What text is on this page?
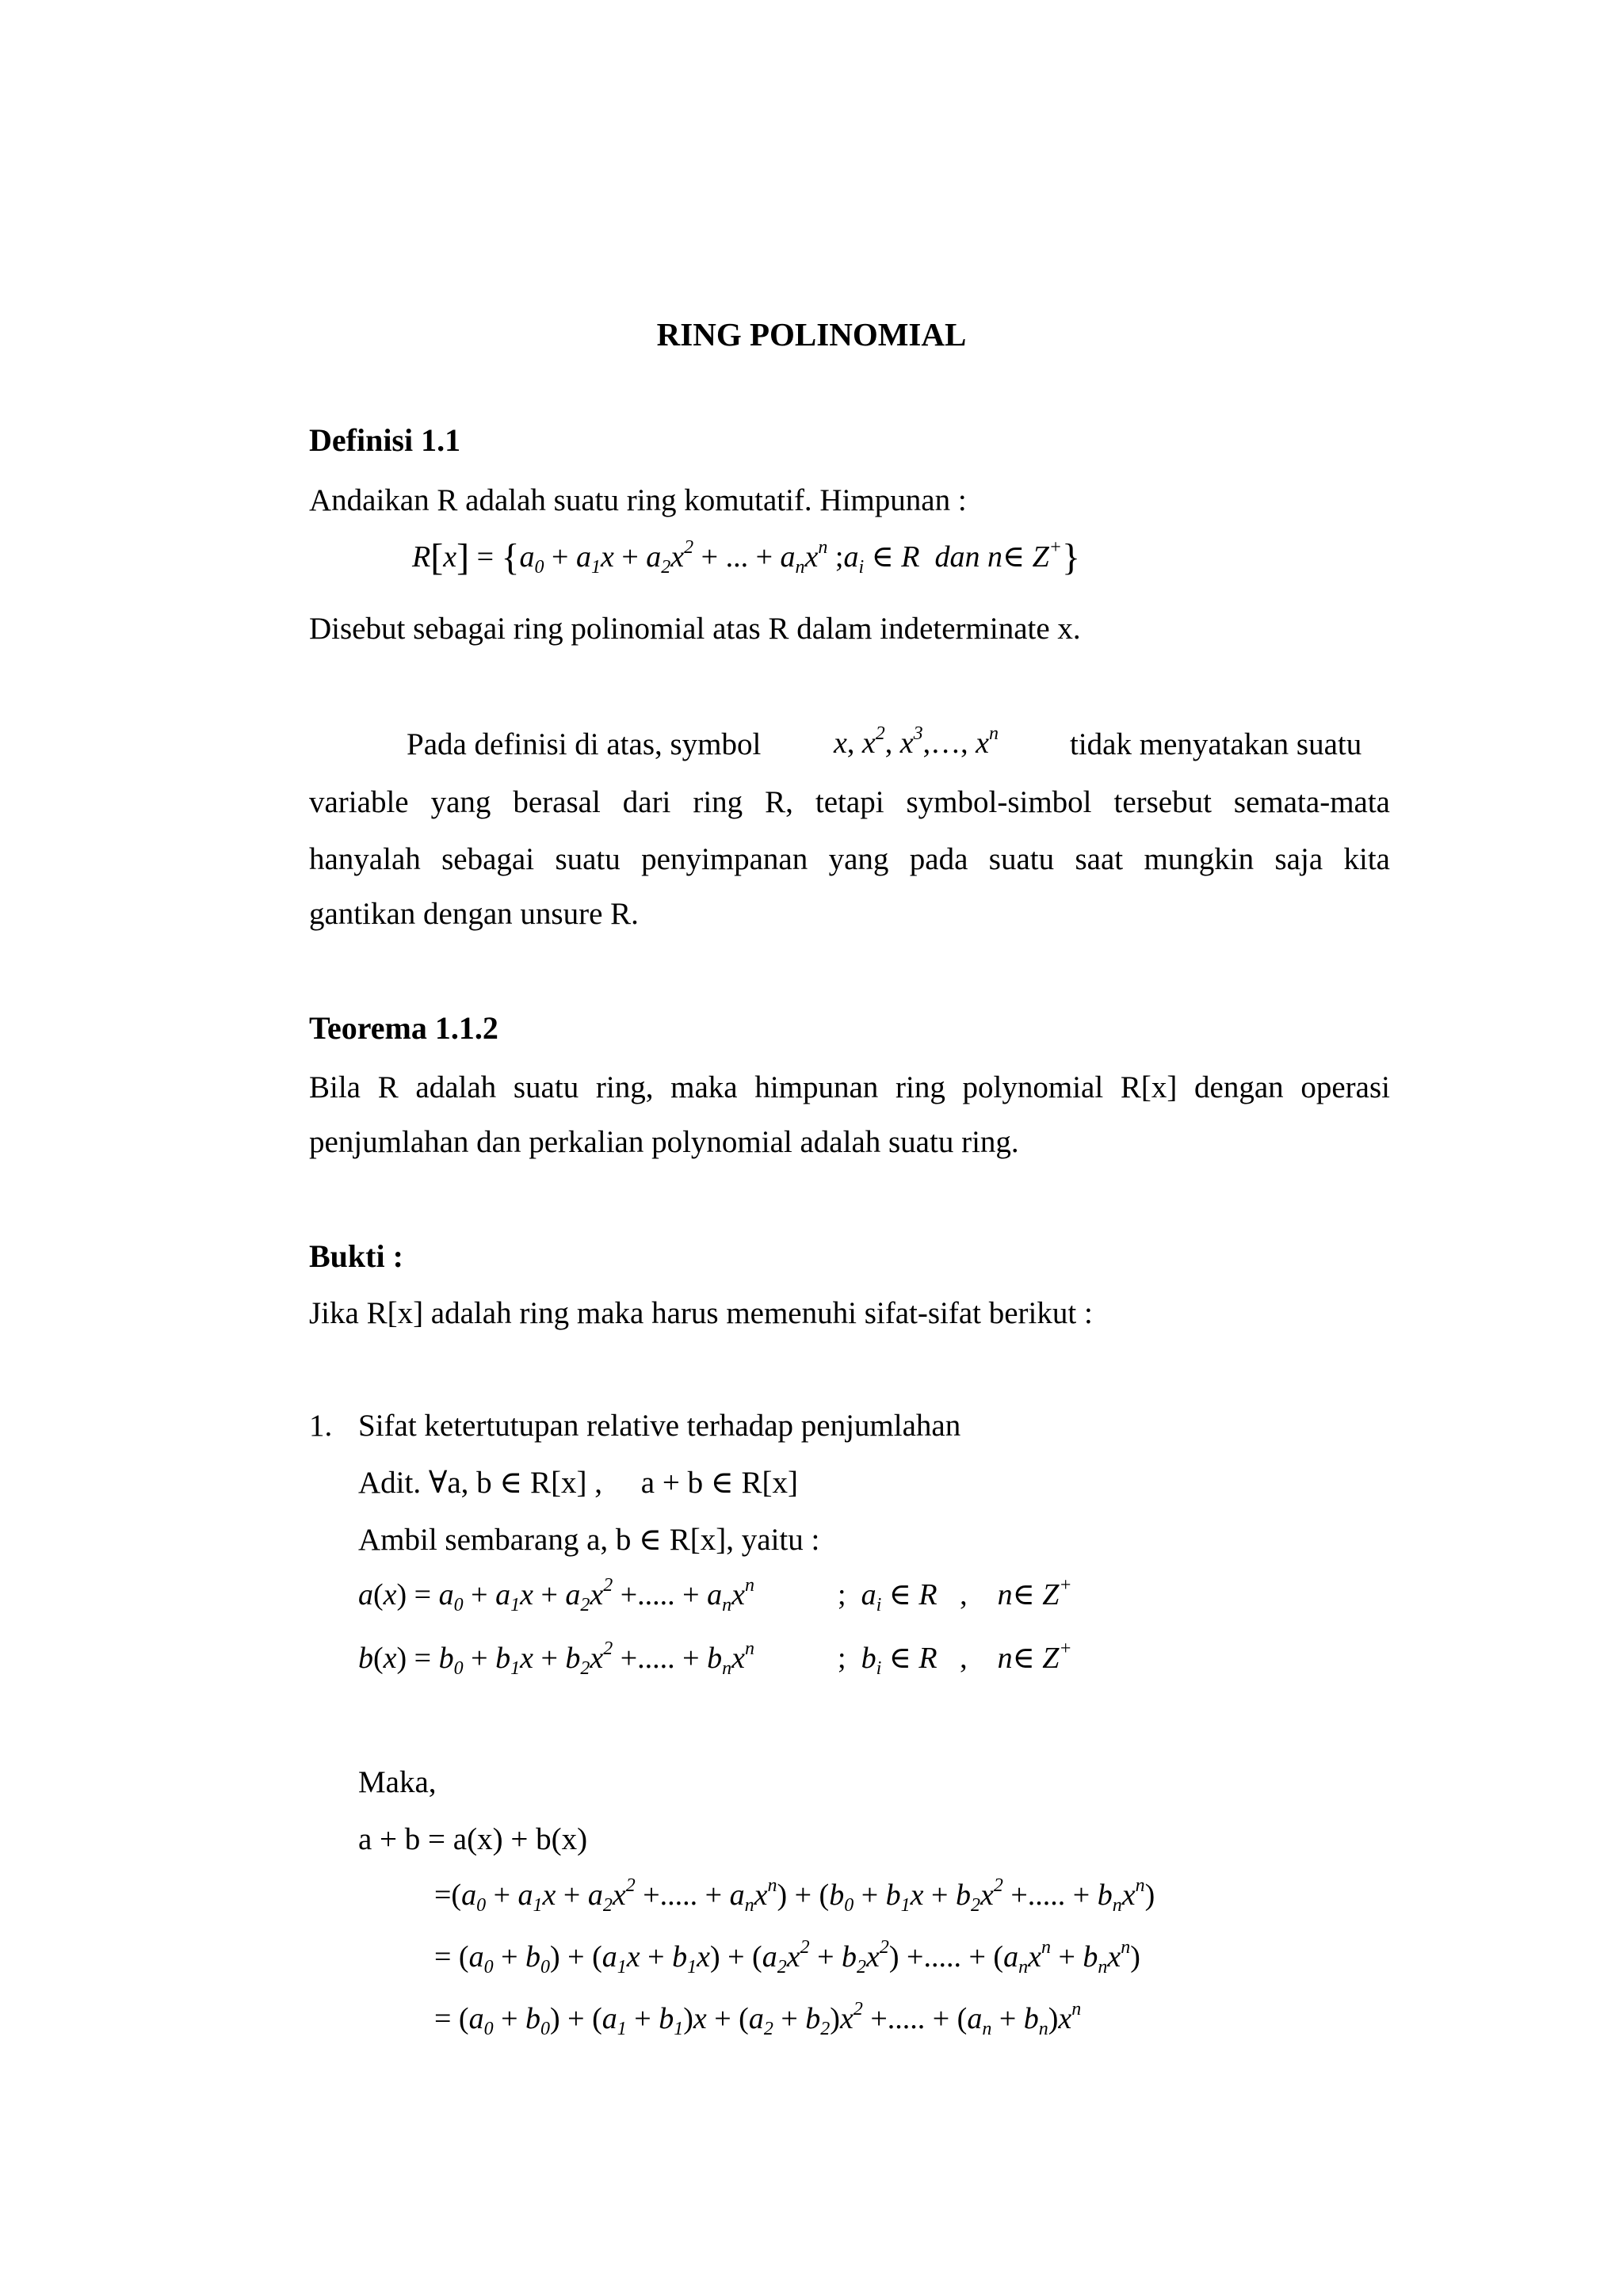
RING POLINOMIAL
Definisi 1.1
Andaikan R adalah suatu ring komutatif. Himpunan :
$R[x] = \{a_0 + a_1x + a_2x^2$ + ... + $a_nx^n$ $;a_i$ ∈ R  dan n∈ Z+}
Disebut sebagai ring polinomial atas R dalam indeterminate x.
Pada definisi di atas, symbol x, $x^2$, $x^3,\dots$, $x^n$ tidak menyatakan suatu
variable yang berasal dari ring R, tetapi symbol-simbol tersebut semata-mata
hanyalah sebagai suatu penyimpanan yang pada suatu saat mungkin saja kita
gantikan dengan unsure R.
Teorema 1.1.2
Bila R adalah suatu ring, maka himpunan ring polynomial R[x] dengan operasi
penjumlahan dan perkalian polynomial adalah suatu ring.
Bukti :
Jika R[x] adalah ring maka harus memenuhi sifat-sifat berikut :
1. Sifat ketertutupan relative terhadap penjumlahan
Adit. ∀a, b ∈ R[x] ,     a + b ∈ R[x]
Ambil sembarang a, b ∈ R[x], yaitu :
$a(x) = a_0 + a_1x + a_2x^2$ +..... + $a_nx^n$	;  $a_i$ ∈ R   ,    n∈ Z+
$b(x) = b_0 + b_1x + b_2x^2$ +..... + $b_nx^n$	;  $b_i$ ∈ R   ,    n∈ Z+
Maka,
a + b = a(x) + b(x)
$=(a_0 + a_1x + a_2x^2$ +..... + $a_nx^n) + (b_0 + b_1x + b_2x^2$ +..... + $b_nx^n$)
= $(a_0 + b_0) + (a_1x + b_1x) + (a_2x^2 + b_2x^2)$ +..... + $(a_nx^n + b_nx^n)$
= $(a_0 + b_0) + (a_1 + b_1)x + (a_2 + b_2)x^2$ +..... + $(a_n + b_n)x^n$
